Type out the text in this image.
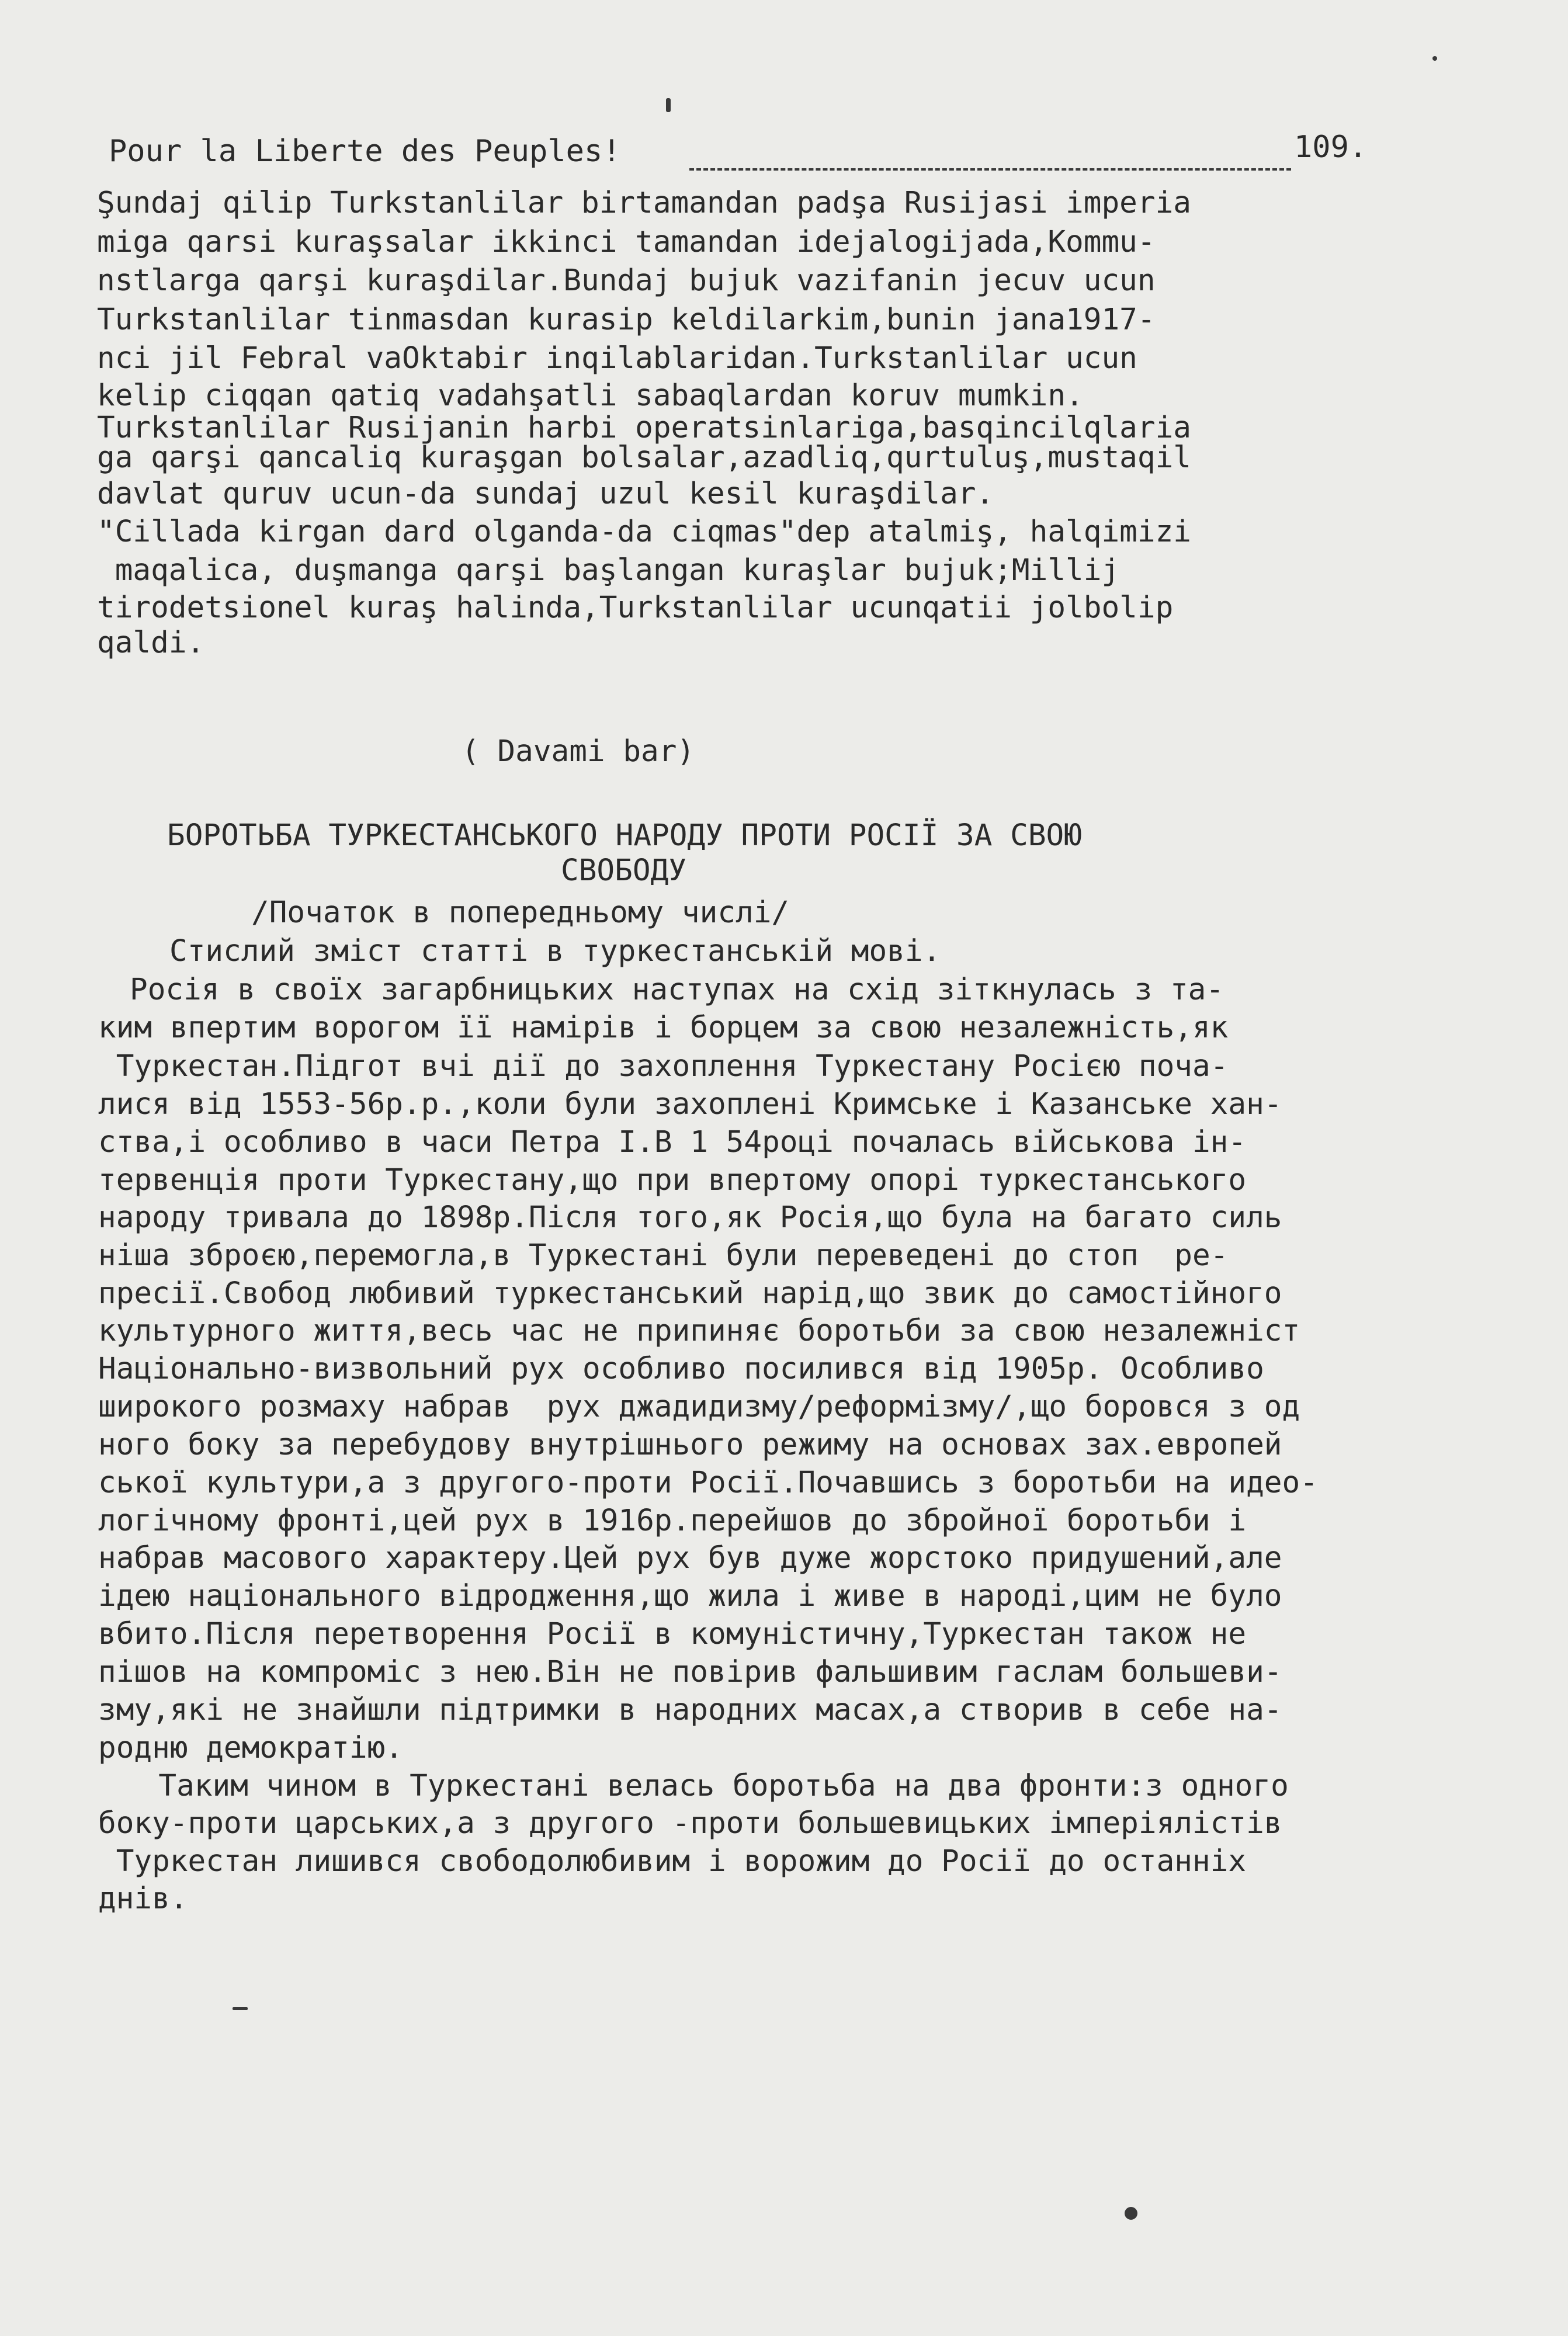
Pour la Liberte des Peuples!	109.
Şundaj qilip Turkstanlilar birtamandan padşa Rusijasi imperia
miga qarsi kuraşsalar ikkinci tamandan idejalogijada,Kommu-
nstlarga qarşi kuraşdilar.Bundaj bujuk vazifanin jecuv ucun
Turkstanlilar tinmasdan kurasip keldilarkim,bunin jana1917-
nci jil Febral vaOktabir inqilablaridan.Turkstanlilar ucun
kelip ciqqan qatiq vadahşatli sabaqlardan koruv mumkin.
Turkstanlilar Rusijanin harbi operatsinlariga,basqincilqlaria
ga qarşi qancaliq kuraşgan bolsalar,azadliq,qurtuluş,mustaqil
davlat quruv ucun-da sundaj uzul kesil kuraşdilar.
"Cillada kirgan dard olganda-da ciqmas"dep atalmiş, halqimizi
maqalica, duşmanga qarşi başlangan kuraşlar bujuk;Millij
tirodetsionel kuraş halinda,Turkstanlilar ucunqatii jolbolip
qaldi.
( Davami bar)
БОРОТЬБА ТУРКЕСТАНСЬКОГО НАРОДУ ПРОТИ РОСІЇ ЗА СВОЮ
СВОБОДУ
/Початок в попередньому числі/
Стислий зміст статті в туркестанській мові.
Росія в своїх загарбницьких наступах на схід зіткнулась з та-
ким впертим ворогом її намірів і борцем за свою незалежність,як
Туркестан.Підгот вчі дії до захоплення Туркестану Росією поча-
лися від 1553-56р.р.,коли були захоплені Кримське і Казанське хан-
ства,і особливо в часи Петра І.В 1 54році почалась військова ін-
тервенція проти Туркестану,що при впертому опорі туркестанського
народу тривала до 1898р.Після того,як Росія,що була на багато силь
ніша зброєю,перемогла,в Туркестані були переведені до стоп  ре-
пресії.Свобод любивий туркестанський нарід,що звик до самостійного
культурного життя,весь час не припиняє боротьби за свою незалежніст
Національно-визвольний рух особливо посилився від 1905р. Особливо
широкого розмаху набрав  рух джадидизму/реформізму/,що боровся з од
ного боку за перебудову внутрішнього режиму на основах зах.европей
ської культури,а з другого-проти Росії.Почавшись з боротьби на идео-
логічному фронті,цей рух в 1916р.перейшов до збройної боротьби і
набрав масового характеру.Цей рух був дуже жорстоко придушений,але
ідею національного відродження,що жила і живе в народі,цим не було
вбито.Після перетворення Росії в комуністичну,Туркестан також не
пішов на компроміс з нею.Він не повірив фальшивим гаслам большеви-
зму,які не знайшли підтримки в народних масах,а створив в себе на-
родню демократію.
Таким чином в Туркестані велась боротьба на два фронти:з одного
боку-проти царських,а з другого -проти большевицьких імперіялістів
Туркестан лишився свободолюбивим і ворожим до Росії до останніх
днів.
